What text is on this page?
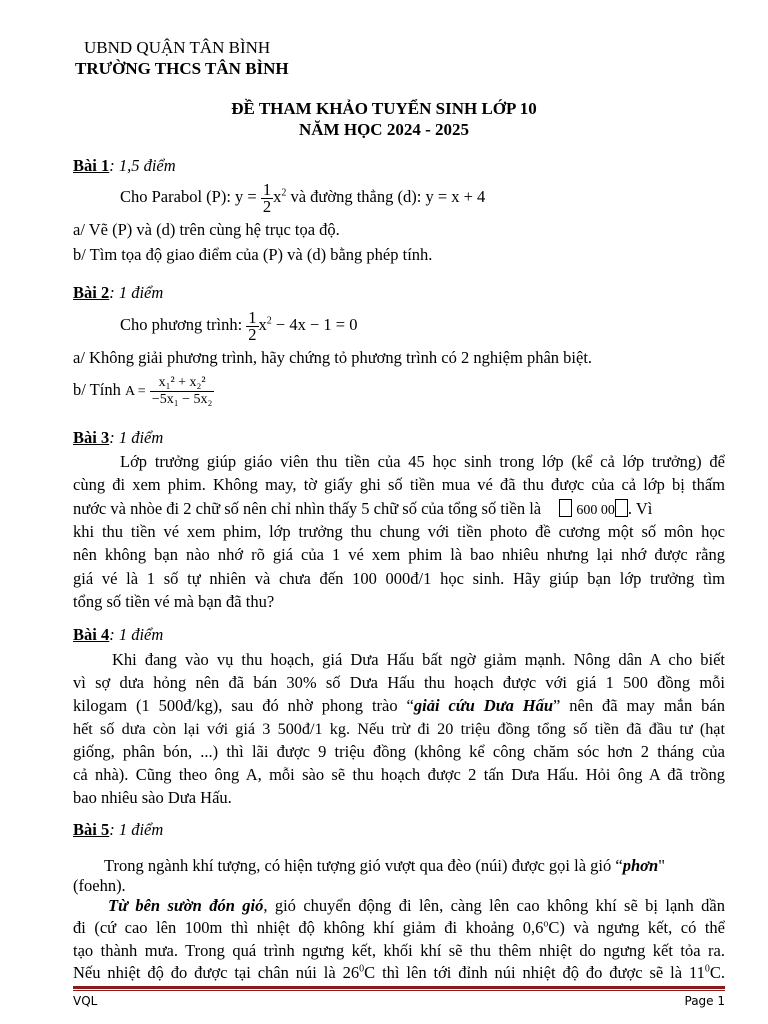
UBND QUẬN TÂN BÌNH
TRƯỜNG THCS TÂN BÌNH
ĐỀ THAM KHẢO TUYỂN SINH LỚP 10
NĂM HỌC 2024 - 2025
Bài 1: 1,5 điểm
Cho Parabol (P): $y = \frac{1}{2} x^2$ và đường thẳng (d): y = x + 4
a/ Vẽ (P) và (d) trên cùng hệ trục tọa độ.
b/ Tìm tọa độ giao điểm của (P) và (d) bằng phép tính.
Bài 2: 1 điểm
Cho phương trình: $\frac{1}{2} x^2 - 4x - 1 = 0$
a/ Không giải phương trình, hãy chứng tỏ phương trình có 2 nghiệm phân biệt.
b/ Tính $A = \frac{\text{x₁² + x₂²}}{\text{−5x₁ − 5x₂}}$
Bài 3: 1 điểm
Lớp trưởng giúp giáo viên thu tiền của 45 học sinh trong lớp (kể cả lớp trưởng) để
cùng đi xem phim. Không may, tờ giấy ghi số tiền mua vé đã thu được của cả lớp bị thấm
nước và nhòe đi 2 chữ số nên chỉ nhìn thấy 5 chữ số của tổng số tiền là	600 00 . Vì
khi thu tiền vé xem phim, lớp trưởng thu chung với tiền photo đề cương một số môn học
nên không bạn nào nhớ rõ giá của 1 vé xem phim là bao nhiêu nhưng lại nhớ được rằng
giá vé là 1 số tự nhiên và chưa đến 100 000đ/1 học sinh. Hãy giúp bạn lớp trưởng tìm
tổng số tiền vé mà bạn đã thu?
Bài 4: 1 điểm
Khi đang vào vụ thu hoạch, giá Dưa Hấu bất ngờ giảm mạnh. Nông dân A cho biết
vì sợ dưa hỏng nên đã bán 30% số Dưa Hấu thu hoạch được với giá 1 500 đồng mỗi
kilogam (1 500đ/kg), sau đó nhờ phong trào “giải cứu Dưa Hấu” nên đã may mắn bán
hết số dưa còn lại với giá 3 500đ/1 kg. Nếu trừ đi 20 triệu đồng tổng số tiền đã đầu tư (hạt
giống, phân bón, ...) thì lãi được 9 triệu đồng (không kể công chăm sóc hơn 2 tháng của
cả nhà). Cũng theo ông A, mỗi sào sẽ thu hoạch được 2 tấn Dưa Hấu. Hỏi ông A đã trồng
bao nhiêu sào Dưa Hấu.
Bài 5: 1 điểm
Trong ngành khí tượng, có hiện tượng gió vượt qua đèo (núi) được gọi là gió “phơn"
(foehn).
Từ bên sườn đón gió, gió chuyển động đi lên, càng lên cao không khí sẽ bị lạnh dần
đi (cứ cao lên 100m thì nhiệt độ không khí giảm đi khoảng 0,6$^o$C) và ngưng kết, có thể
tạo thành mưa. Trong quá trình ngưng kết, khối khí sẽ thu thêm nhiệt do ngưng kết tỏa ra.
Nếu nhiệt độ đo được tại chân núi là $26^0C$ thì lên tới đỉnh núi nhiệt độ đo được sẽ là $11^0C$.
VQL	Page 1
